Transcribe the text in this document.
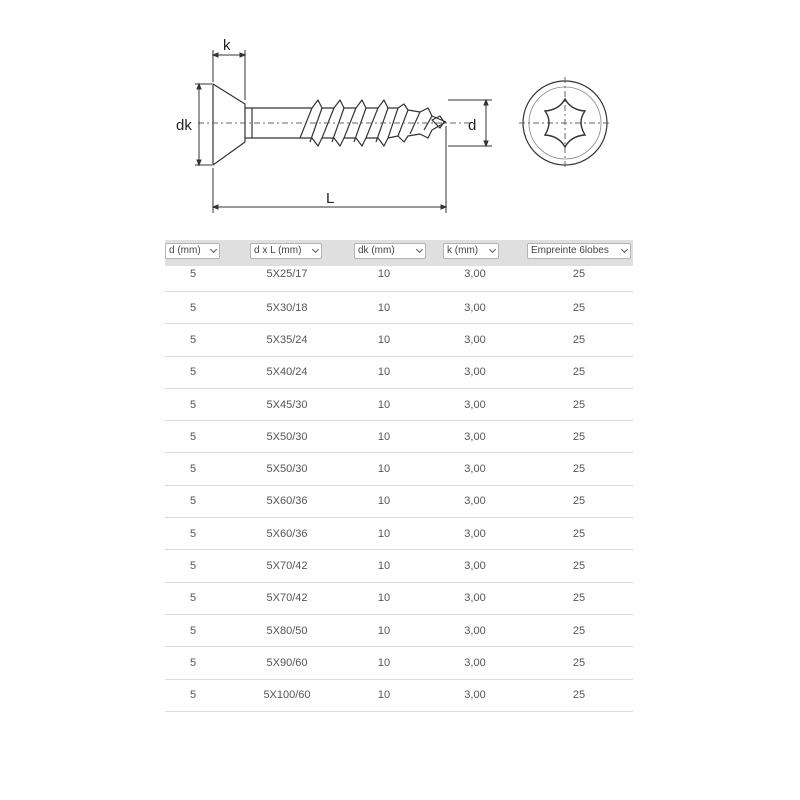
k
dk	d
L
d (mm)	d x L (mm)	dk (mm)	k (mm)	Empreinte 6lobes
5	5X25/17	10	3,00	25
5	5X30/18	10	3,00	25
5	5X35/24	10	3,00	25
5	5X40/24	10	3,00	25
5	5X45/30	10	3,00	25
5	5X50/30	10	3,00	25
5	5X50/30	10	3,00	25
5	5X60/36	10	3,00	25
5	5X60/36	10	3,00	25
5	5X70/42	10	3,00	25
5	5X70/42	10	3,00	25
5	5X80/50	10	3,00	25
5	5X90/60	10	3,00	25
5	5X100/60	10	3,00	25
